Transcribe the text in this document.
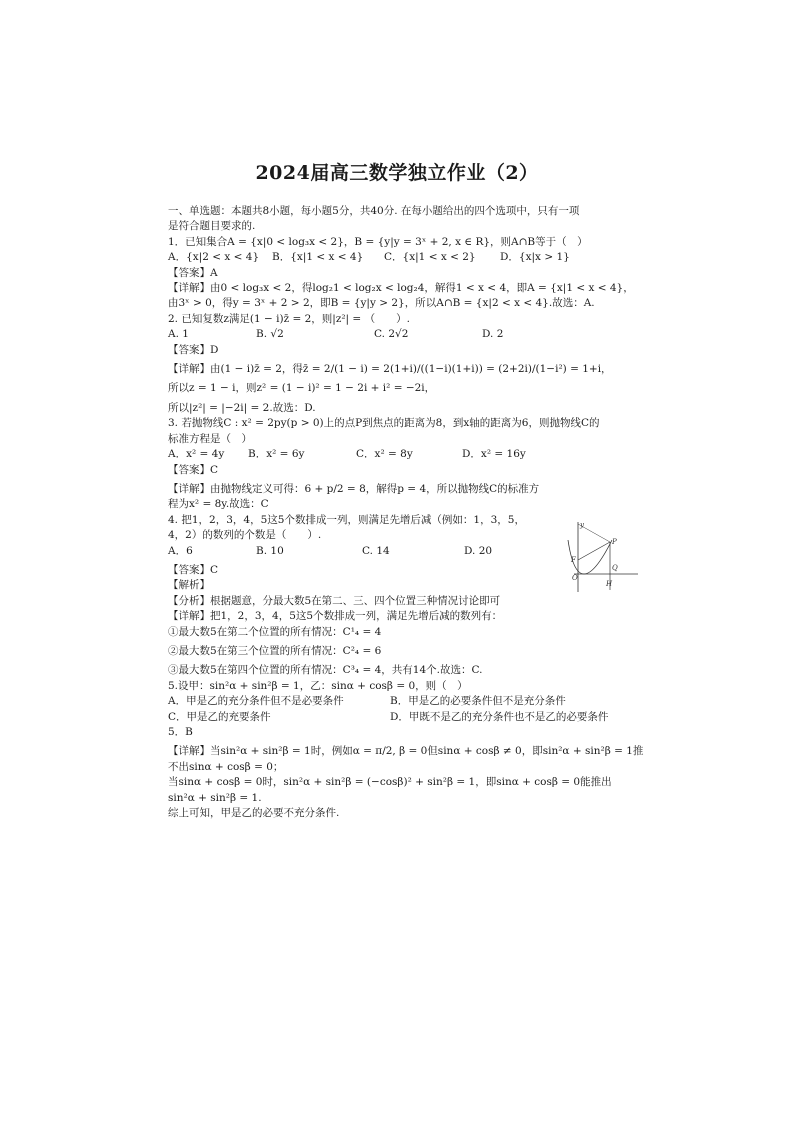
2024届高三数学独立作业（2）
一、单选题：本题共8小题，每小题5分，共40分. 在每小题给出的四个选项中，只有一项
是符合题目要求的.
1．已知集合A = {x|0 < log₃x < 2}，B = {y|y = 3ˣ + 2, x ∈ R}，则A∩B等于（　）
A．{x|2 < x < 4}	B．{x|1 < x < 4}	C．{x|1 < x < 2}	D．{x|x > 1}
【答案】A
【详解】由0 < log₃x < 2，得log₂1 < log₂x < log₂4，解得1 < x < 4，即A = {x|1 < x < 4}，
由3ˣ > 0，得y = 3ˣ + 2 > 2，即B = {y|y > 2}，所以A∩B = {x|2 < x < 4}.故选：A.
2. 已知复数z满足(1 − i)z̄ = 2，则|z²| = （　　）.
A. 1	B. √2	C. 2√2	D. 2
【答案】D
【详解】由(1 − i)z̄ = 2，得z̄ = 2/(1 − i) = 2(1+i)/((1−i)(1+i)) = (2+2i)/(1−i²) = 1+i，
所以z = 1 − i，则z² = (1 − i)² = 1 − 2i + i² = −2i，
所以|z²| = |−2i| = 2.故选：D.
3. 若抛物线C : x² = 2py(p > 0)上的点P到焦点的距离为8，到x轴的距离为6，则抛物线C的
标准方程是（　）
A．x² = 4y	B．x² = 6y	C．x² = 8y	D．x² = 16y
【答案】C
【详解】由抛物线定义可得：6 + p/2 = 8，解得p = 4，所以抛物线C的标准方
程为x² = 8y.故选：C
4. 把1，2，3，4，5这5个数排成一列，则满足先增后减（例如：1，3，5，
4，2）的数列的个数是（　　）.
A．6	B. 10	C. 14	D. 20
【答案】C
【解析】
【分析】根据题意，分最大数5在第二、三、四个位置三种情况讨论即可
【详解】把1，2，3，4，5这5个数排成一列，满足先增后减的数列有：
①最大数5在第二个位置的所有情况：C¹₄ = 4
②最大数5在第三个位置的所有情况：C²₄ = 6
③最大数5在第四个位置的所有情况：C³₄ = 4，共有14个.故选：C.
5.设甲：sin²α + sin²β = 1，乙：sinα + cosβ = 0，则（　）
A．甲是乙的充分条件但不是必要条件	B．甲是乙的必要条件但不是充分条件
C．甲是乙的充要条件	D．甲既不是乙的充分条件也不是乙的必要条件
5．B
【详解】当sin²α + sin²β = 1时，例如α = π/2, β = 0但sinα + cosβ ≠ 0，即sin²α + sin²β = 1推
不出sinα + cosβ = 0；
当sinα + cosβ = 0时，sin²α + sin²β = (−cosβ)² + sin²β = 1，即sinα + cosβ = 0能推出
sin²α + sin²β = 1.
综上可知，甲是乙的必要不充分条件.
y
P
F
O
Q
H
